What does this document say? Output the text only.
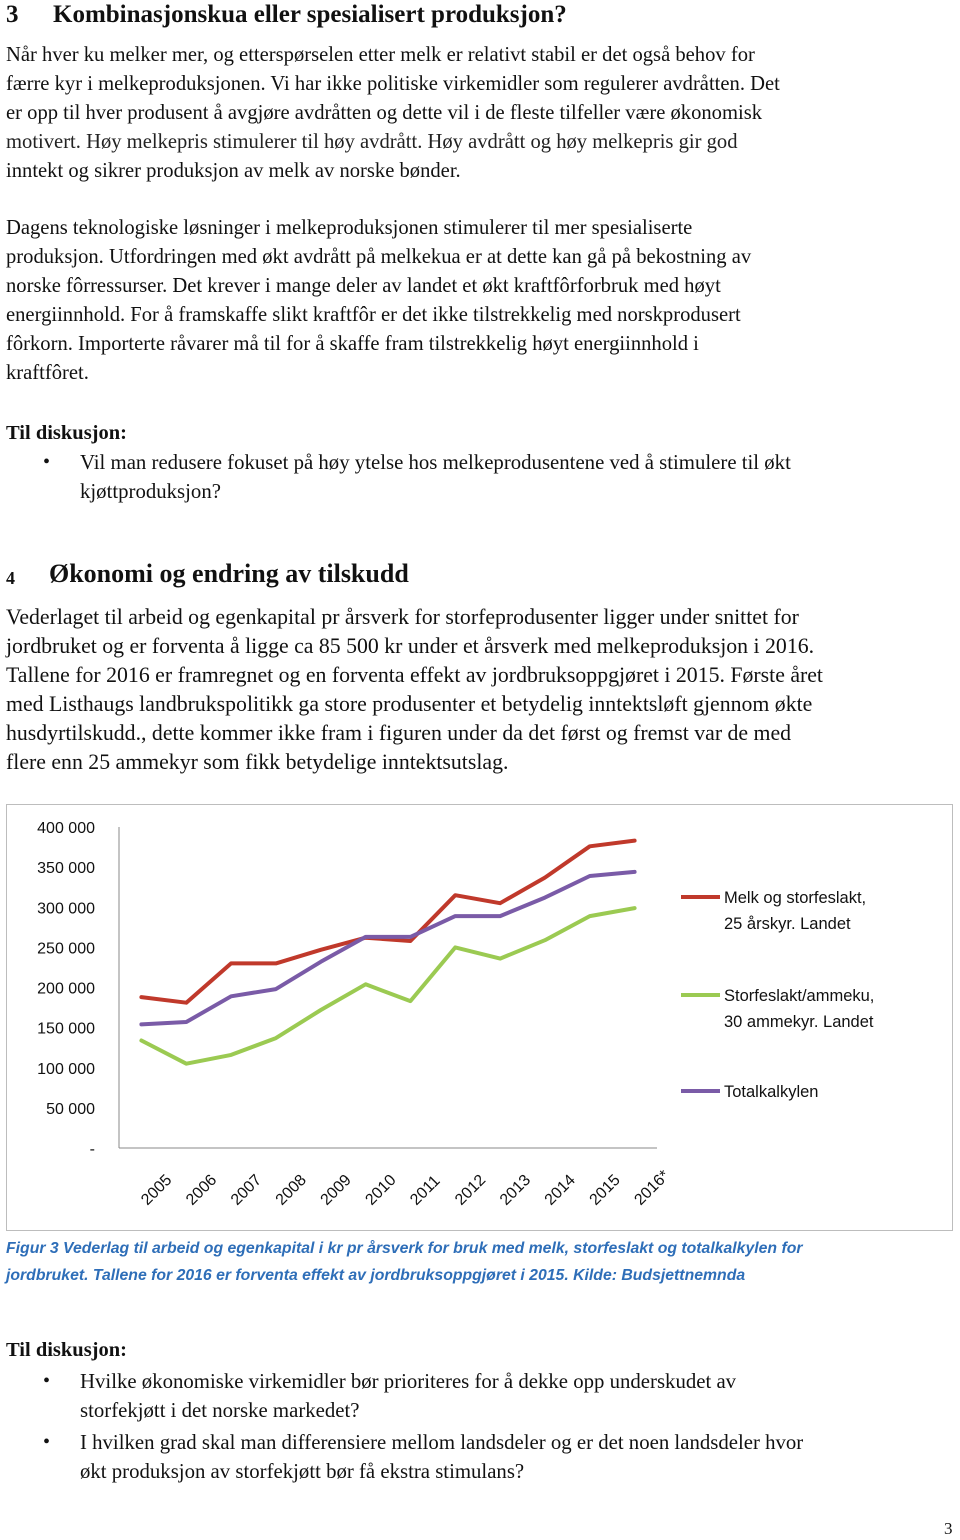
3 Kombinasjonskua eller spesialisert produksjon?
Når hver ku melker mer, og etterspørselen etter melk er relativt stabil er det også behov for
færre kyr i melkeproduksjonen. Vi har ikke politiske virkemidler som regulerer avdråtten. Det
er opp til hver produsent å avgjøre avdråtten og dette vil i de fleste tilfeller være økonomisk
motivert. Høy melkepris stimulerer til høy avdrått. Høy avdrått og høy melkepris gir god
inntekt og sikrer produksjon av melk av norske bønder.
Dagens teknologiske løsninger i melkeproduksjonen stimulerer til mer spesialiserte
produksjon. Utfordringen med økt avdrått på melkekua er at dette kan gå på bekostning av
norske fôrressurser. Det krever i mange deler av landet et økt kraftfôrforbruk med høyt
energiinnhold. For å framskaffe slikt kraftfôr er det ikke tilstrekkelig med norskprodusert
fôrkorn. Importerte råvarer må til for å skaffe fram tilstrekkelig høyt energiinnhold i
kraftfôret.
Til diskusjon:
• Vil man redusere fokuset på høy ytelse hos melkeprodusentene ved å stimulere til økt
kjøttproduksjon?
4 Økonomi og endring av tilskudd
Vederlaget til arbeid og egenkapital pr årsverk for storfeprodusenter ligger under snittet for
jordbruket og er forventa å ligge ca 85 500 kr under et årsverk med melkeproduksjon i 2016.
Tallene for 2016 er framregnet og en forventa effekt av jordbruksoppgjøret i 2015. Første året
med Listhaugs landbrukspolitikk ga store produsenter et betydelig inntektsløft gjennom økte
husdyrtilskudd., dette kommer ikke fram i figuren under da det først og fremst var de med
flere enn 25 ammekyr som fikk betydelige inntektsutslag.
400 000
350 000
300 000
250 000
200 000
150 000
100 000
50 000
-
2005 2006 2007 2008 2009 2010 2011 2012 2013 2014 2015 2016*
Melk og storfeslakt,
25 årskyr. Landet
Storfeslakt/ammeku,
30 ammekyr. Landet
Totalkalkylen
Figur 3 Vederlag til arbeid og egenkapital i kr pr årsverk for bruk med melk, storfeslakt og totalkalkylen for
jordbruket. Tallene for 2016 er forventa effekt av jordbruksoppgjøret i 2015. Kilde: Budsjettnemnda
Til diskusjon:
• Hvilke økonomiske virkemidler bør prioriteres for å dekke opp underskudet av
storfekjøtt i det norske markedet?
• I hvilken grad skal man differensiere mellom landsdeler og er det noen landsdeler hvor
økt produksjon av storfekjøtt bør få ekstra stimulans?
3
